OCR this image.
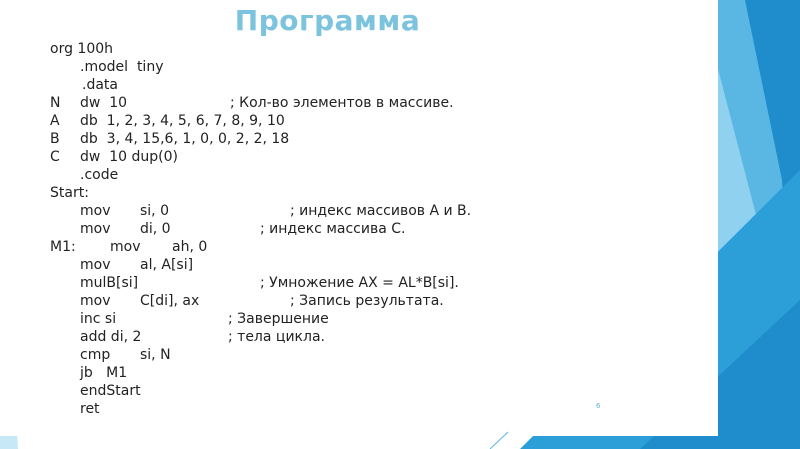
Программа
org 100h
.model  tiny
.data
N dw  10	; Кол-во элементов в массиве.
A db  1, 2, 3, 4, 5, 6, 7, 8, 9, 10
B db  3, 4, 15,6, 1, 0, 0, 2, 2, 18
C dw  10 dup(0)
.code
Start:
mov si, 0	; индекс массивов A и B.
mov di, 0	; индекс массива C.
M1: mov ah, 0
mov al, A[si]
mulB[si]	; Умножение AX = AL*B[si].
mov C[di], ax	; Запись результата.
inc si	; Завершение
add di, 2	; тела цикла.
cmp si, N
jb   M1
endStart
ret	6
